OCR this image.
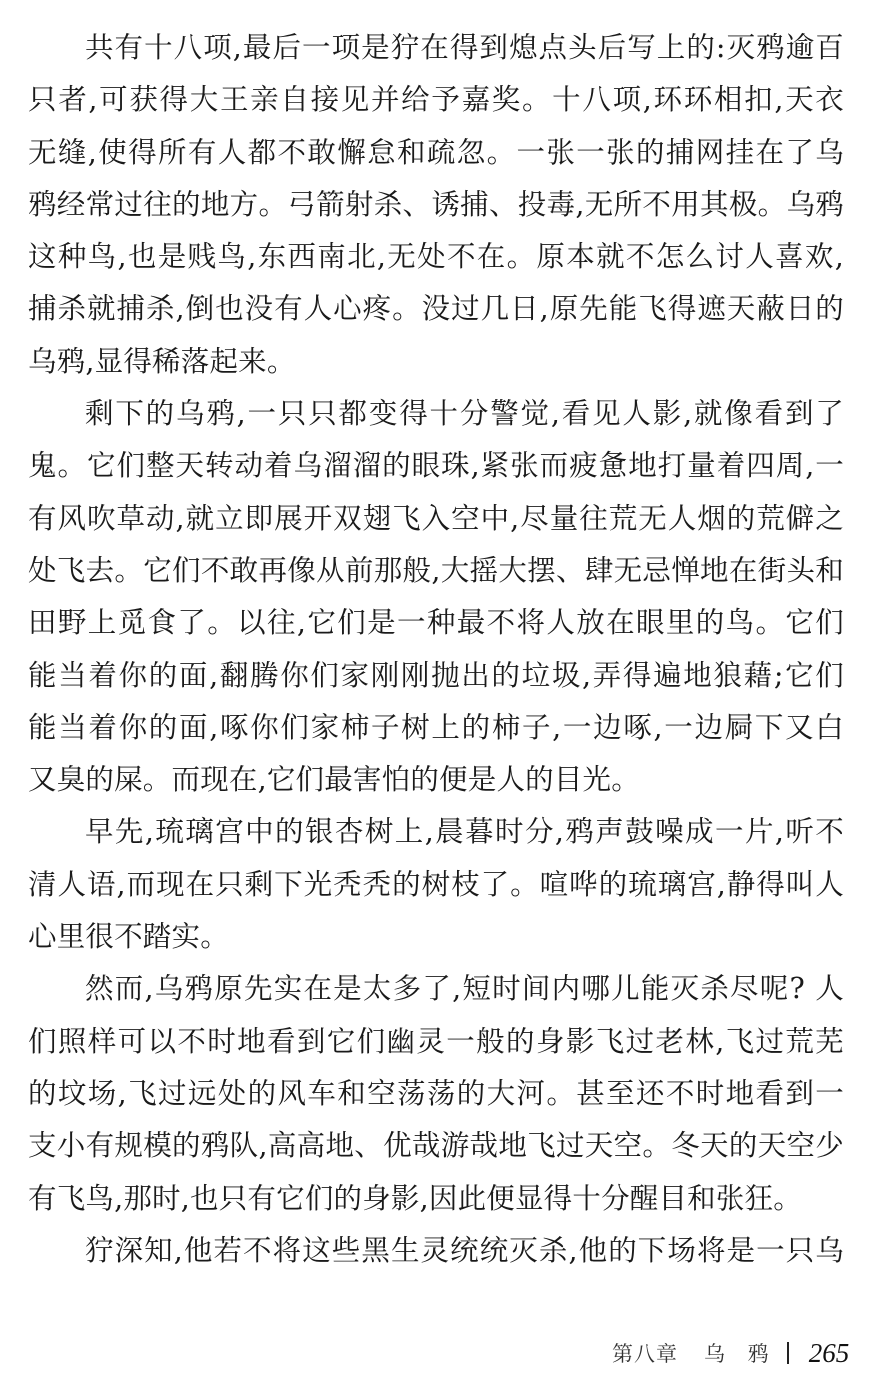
共有十八项,最后一项是狞在得到熄点头后写上的:灭鸦逾百
只者,可获得大王亲自接见并给予嘉奖。十八项,环环相扣,天衣
无缝,使得所有人都不敢懈怠和疏忽。一张一张的捕网挂在了乌
鸦经常过往的地方。弓箭射杀、诱捕、投毒,无所不用其极。乌鸦
这种鸟,也是贱鸟,东西南北,无处不在。原本就不怎么讨人喜欢,
捕杀就捕杀,倒也没有人心疼。没过几日,原先能飞得遮天蔽日的
乌鸦,显得稀落起来。
剩下的乌鸦,一只只都变得十分警觉,看见人影,就像看到了
鬼。它们整天转动着乌溜溜的眼珠,紧张而疲惫地打量着四周,一
有风吹草动,就立即展开双翅飞入空中,尽量往荒无人烟的荒僻之
处飞去。它们不敢再像从前那般,大摇大摆、肆无忌惮地在街头和
田野上觅食了。以往,它们是一种最不将人放在眼里的鸟。它们
能当着你的面,翻腾你们家刚刚抛出的垃圾,弄得遍地狼藉;它们
能当着你的面,啄你们家柿子树上的柿子,一边啄,一边屙下又白
又臭的屎。而现在,它们最害怕的便是人的目光。
早先,琉璃宫中的银杏树上,晨暮时分,鸦声鼓噪成一片,听不
清人语,而现在只剩下光秃秃的树枝了。喧哗的琉璃宫,静得叫人
心里很不踏实。
然而,乌鸦原先实在是太多了,短时间内哪儿能灭杀尽呢? 人
们照样可以不时地看到它们幽灵一般的身影飞过老林,飞过荒芜
的坟场,飞过远处的风车和空荡荡的大河。甚至还不时地看到一
支小有规模的鸦队,高高地、优哉游哉地飞过天空。冬天的天空少
有飞鸟,那时,也只有它们的身影,因此便显得十分醒目和张狂。
狞深知,他若不将这些黑生灵统统灭杀,他的下场将是一只乌
第八章 乌 鸦 265
